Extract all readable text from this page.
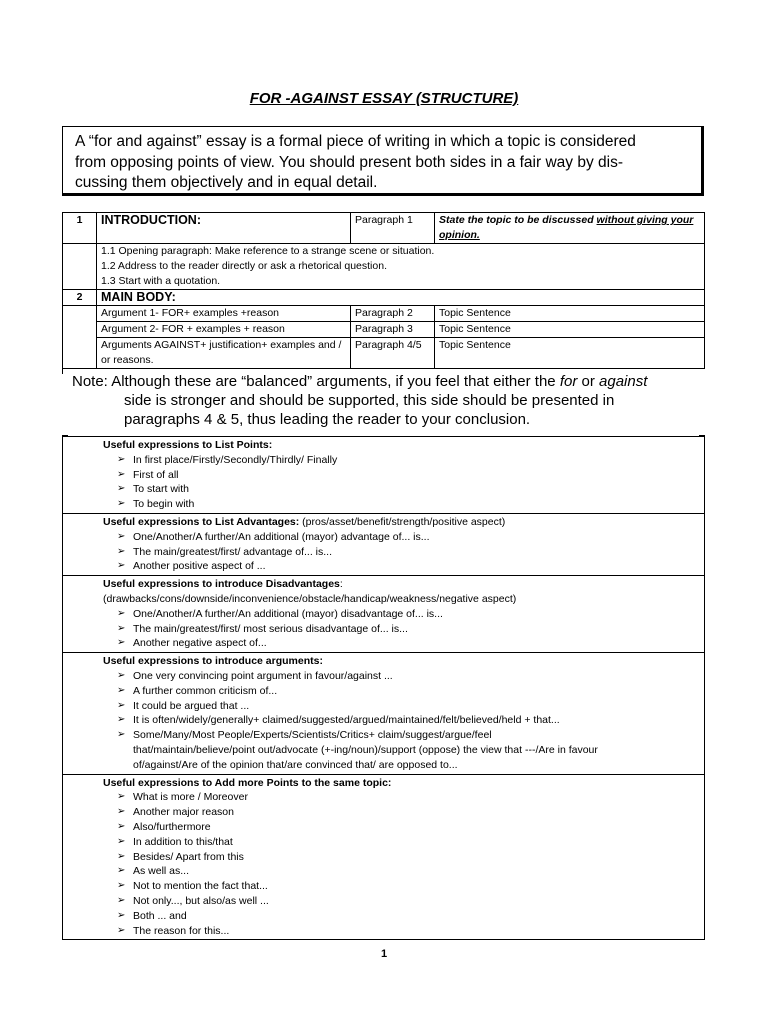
FOR -AGAINST ESSAY (STRUCTURE)

A “for and against” essay is a formal piece of writing in which a topic is considered

from opposing points of view. You should present both sides in a fair way by dis-

cussing them objectively and in equal detail.

1	INTRODUCTION:	Paragraph 1	State the topic to be discussed without giving your opinion.

	1.1 Opening paragraph: Make reference to a strange scene or situation.
1.2 Address to the reader directly or ask a rhetorical question.
1.3 Start with a quotation.		

2	MAIN BODY:		
	Argument 1- FOR+ examples +reason	Paragraph 2	Topic Sentence
	Argument 2- FOR + examples + reason	Paragraph 3	Topic Sentence
	Arguments AGAINST+ justification+ examples and / or reasons.	Paragraph 4/5	Topic Sentence
Note: Although these are “balanced” arguments, if you feel that either the for or against
side is stronger and should be supported, this side should be presented in
paragraphs 4 & 5, thus leading the reader to your conclusion.
Useful expressions to List Points:
➢ In first place/Firstly/Secondly/Thirdly/ Finally
➢ First of all
➢ To start with
➢ To begin with

Useful expressions to List Advantages: (pros/asset/benefit/strength/positive aspect)
➢ One/Another/A further/An additional (mayor) advantage of... is...
➢ The main/greatest/first/ advantage of... is...
➢ Another positive aspect of ...

Useful expressions to introduce Disadvantages:
(drawbacks/cons/downside/inconvenience/obstacle/handicap/weakness/negative aspect)
➢ One/Another/A further/An additional (mayor) disadvantage of... is...
➢ The main/greatest/first/ most serious disadvantage of... is...
➢ Another negative aspect of...

Useful expressions to introduce arguments:
➢ One very convincing point argument in favour/against ...
➢ A further common criticism of...
➢ It could be argued that ...
➢ It is often/widely/generally+ claimed/suggested/argued/maintained/felt/believed/held + that...
➢ Some/Many/Most People/Experts/Scientists/Critics+ claim/suggest/argue/feel
that/maintain/believe/point out/advocate (+-ing/noun)/support (oppose) the view that ---/Are in favour
of/against/Are of the opinion that/are convinced that/ are opposed to...

Useful expressions to Add more Points to the same topic:
➢ What is more / Moreover
➢ Another major reason
➢ Also/furthermore
➢ In addition to this/that
➢ Besides/ Apart from this
➢ As well as...
➢ Not to mention the fact that...
➢ Not only..., but also/as well ...
➢ Both ... and
➢ The reason for this...
1
